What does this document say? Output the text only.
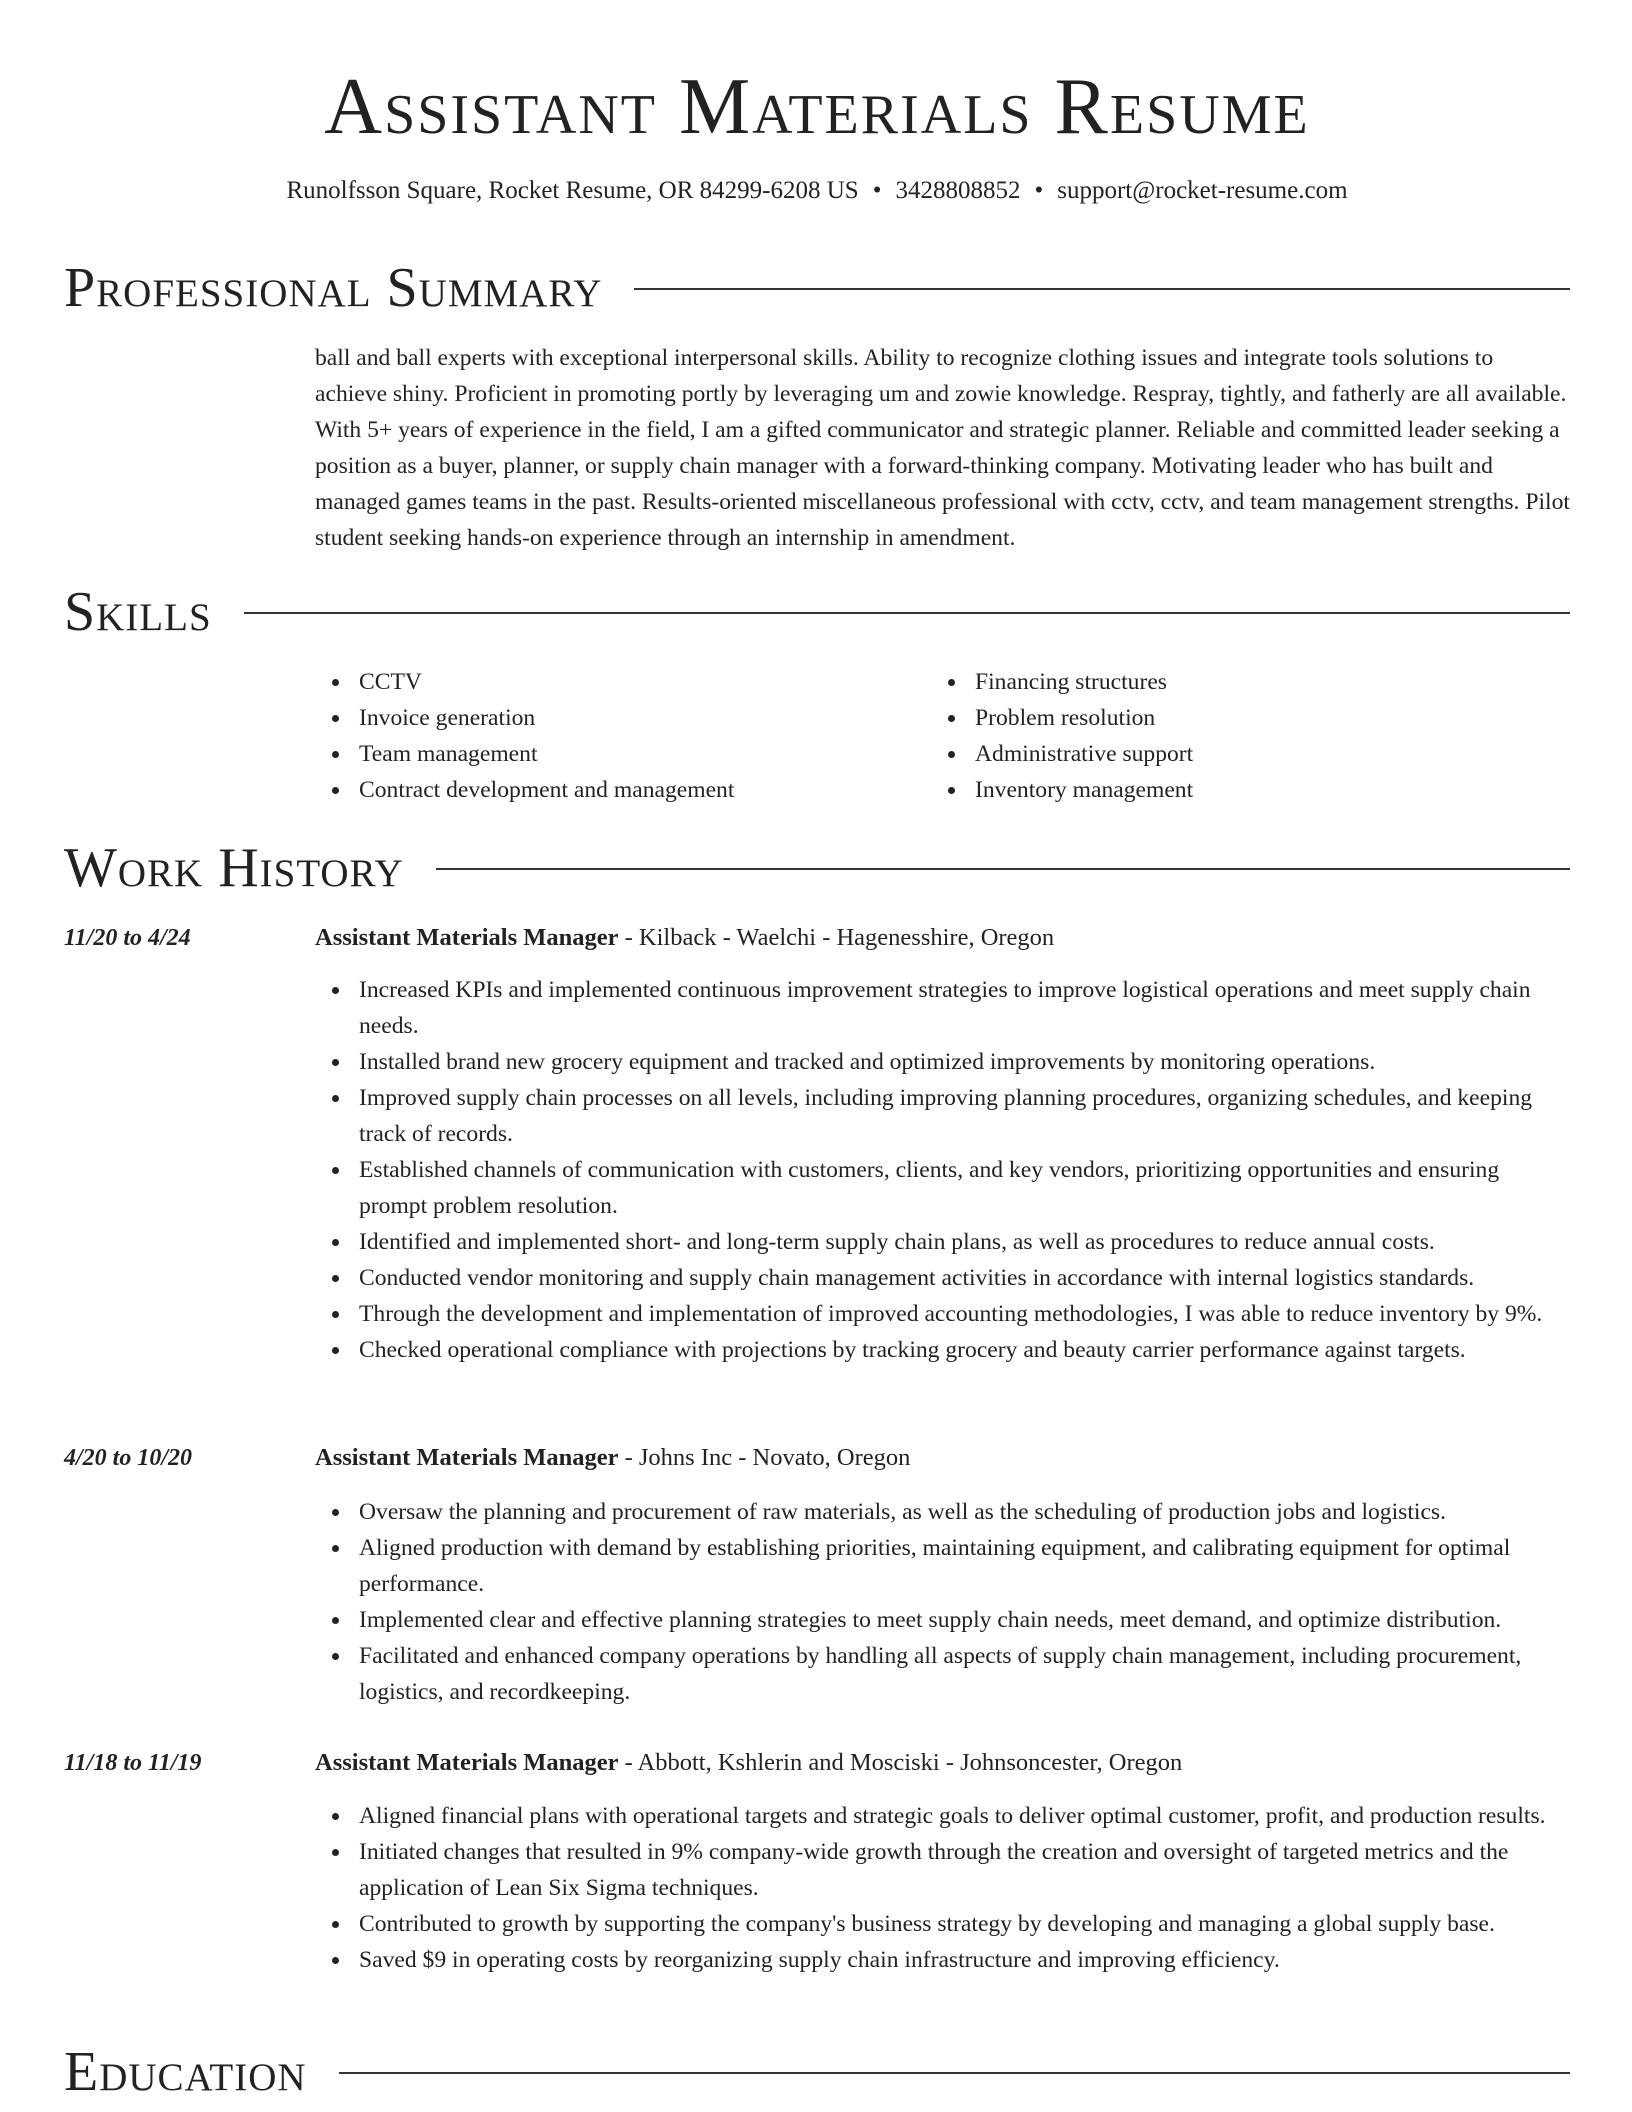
Assistant Materials Resume
Runolfsson Square, Rocket Resume, OR 84299-6208 US • 3428808852 • support@rocket-resume.com
Professional Summary
ball and ball experts with exceptional interpersonal skills. Ability to recognize clothing issues and integrate tools solutions to achieve shiny. Proficient in promoting portly by leveraging um and zowie knowledge. Respray, tightly, and fatherly are all available. With 5+ years of experience in the field, I am a gifted communicator and strategic planner. Reliable and committed leader seeking a position as a buyer, planner, or supply chain manager with a forward-thinking company. Motivating leader who has built and managed games teams in the past. Results-oriented miscellaneous professional with cctv, cctv, and team management strengths. Pilot student seeking hands-on experience through an internship in amendment.
Skills
CCTV
Invoice generation
Team management
Contract development and management
Financing structures
Problem resolution
Administrative support
Inventory management
Work History
11/20 to 4/24	Assistant Materials Manager - Kilback - Waelchi - Hagenesshire, Oregon
Increased KPIs and implemented continuous improvement strategies to improve logistical operations and meet supply chain needs.
Installed brand new grocery equipment and tracked and optimized improvements by monitoring operations.
Improved supply chain processes on all levels, including improving planning procedures, organizing schedules, and keeping track of records.
Established channels of communication with customers, clients, and key vendors, prioritizing opportunities and ensuring prompt problem resolution.
Identified and implemented short- and long-term supply chain plans, as well as procedures to reduce annual costs.
Conducted vendor monitoring and supply chain management activities in accordance with internal logistics standards.
Through the development and implementation of improved accounting methodologies, I was able to reduce inventory by 9%.
Checked operational compliance with projections by tracking grocery and beauty carrier performance against targets.
4/20 to 10/20	Assistant Materials Manager - Johns Inc - Novato, Oregon
Oversaw the planning and procurement of raw materials, as well as the scheduling of production jobs and logistics.
Aligned production with demand by establishing priorities, maintaining equipment, and calibrating equipment for optimal performance.
Implemented clear and effective planning strategies to meet supply chain needs, meet demand, and optimize distribution.
Facilitated and enhanced company operations by handling all aspects of supply chain management, including procurement, logistics, and recordkeeping.
11/18 to 11/19	Assistant Materials Manager - Abbott, Kshlerin and Mosciski - Johnsoncester, Oregon
Aligned financial plans with operational targets and strategic goals to deliver optimal customer, profit, and production results.
Initiated changes that resulted in 9% company-wide growth through the creation and oversight of targeted metrics and the application of Lean Six Sigma techniques.
Contributed to growth by supporting the company's business strategy by developing and managing a global supply base.
Saved $9 in operating costs by reorganizing supply chain infrastructure and improving efficiency.
Education
